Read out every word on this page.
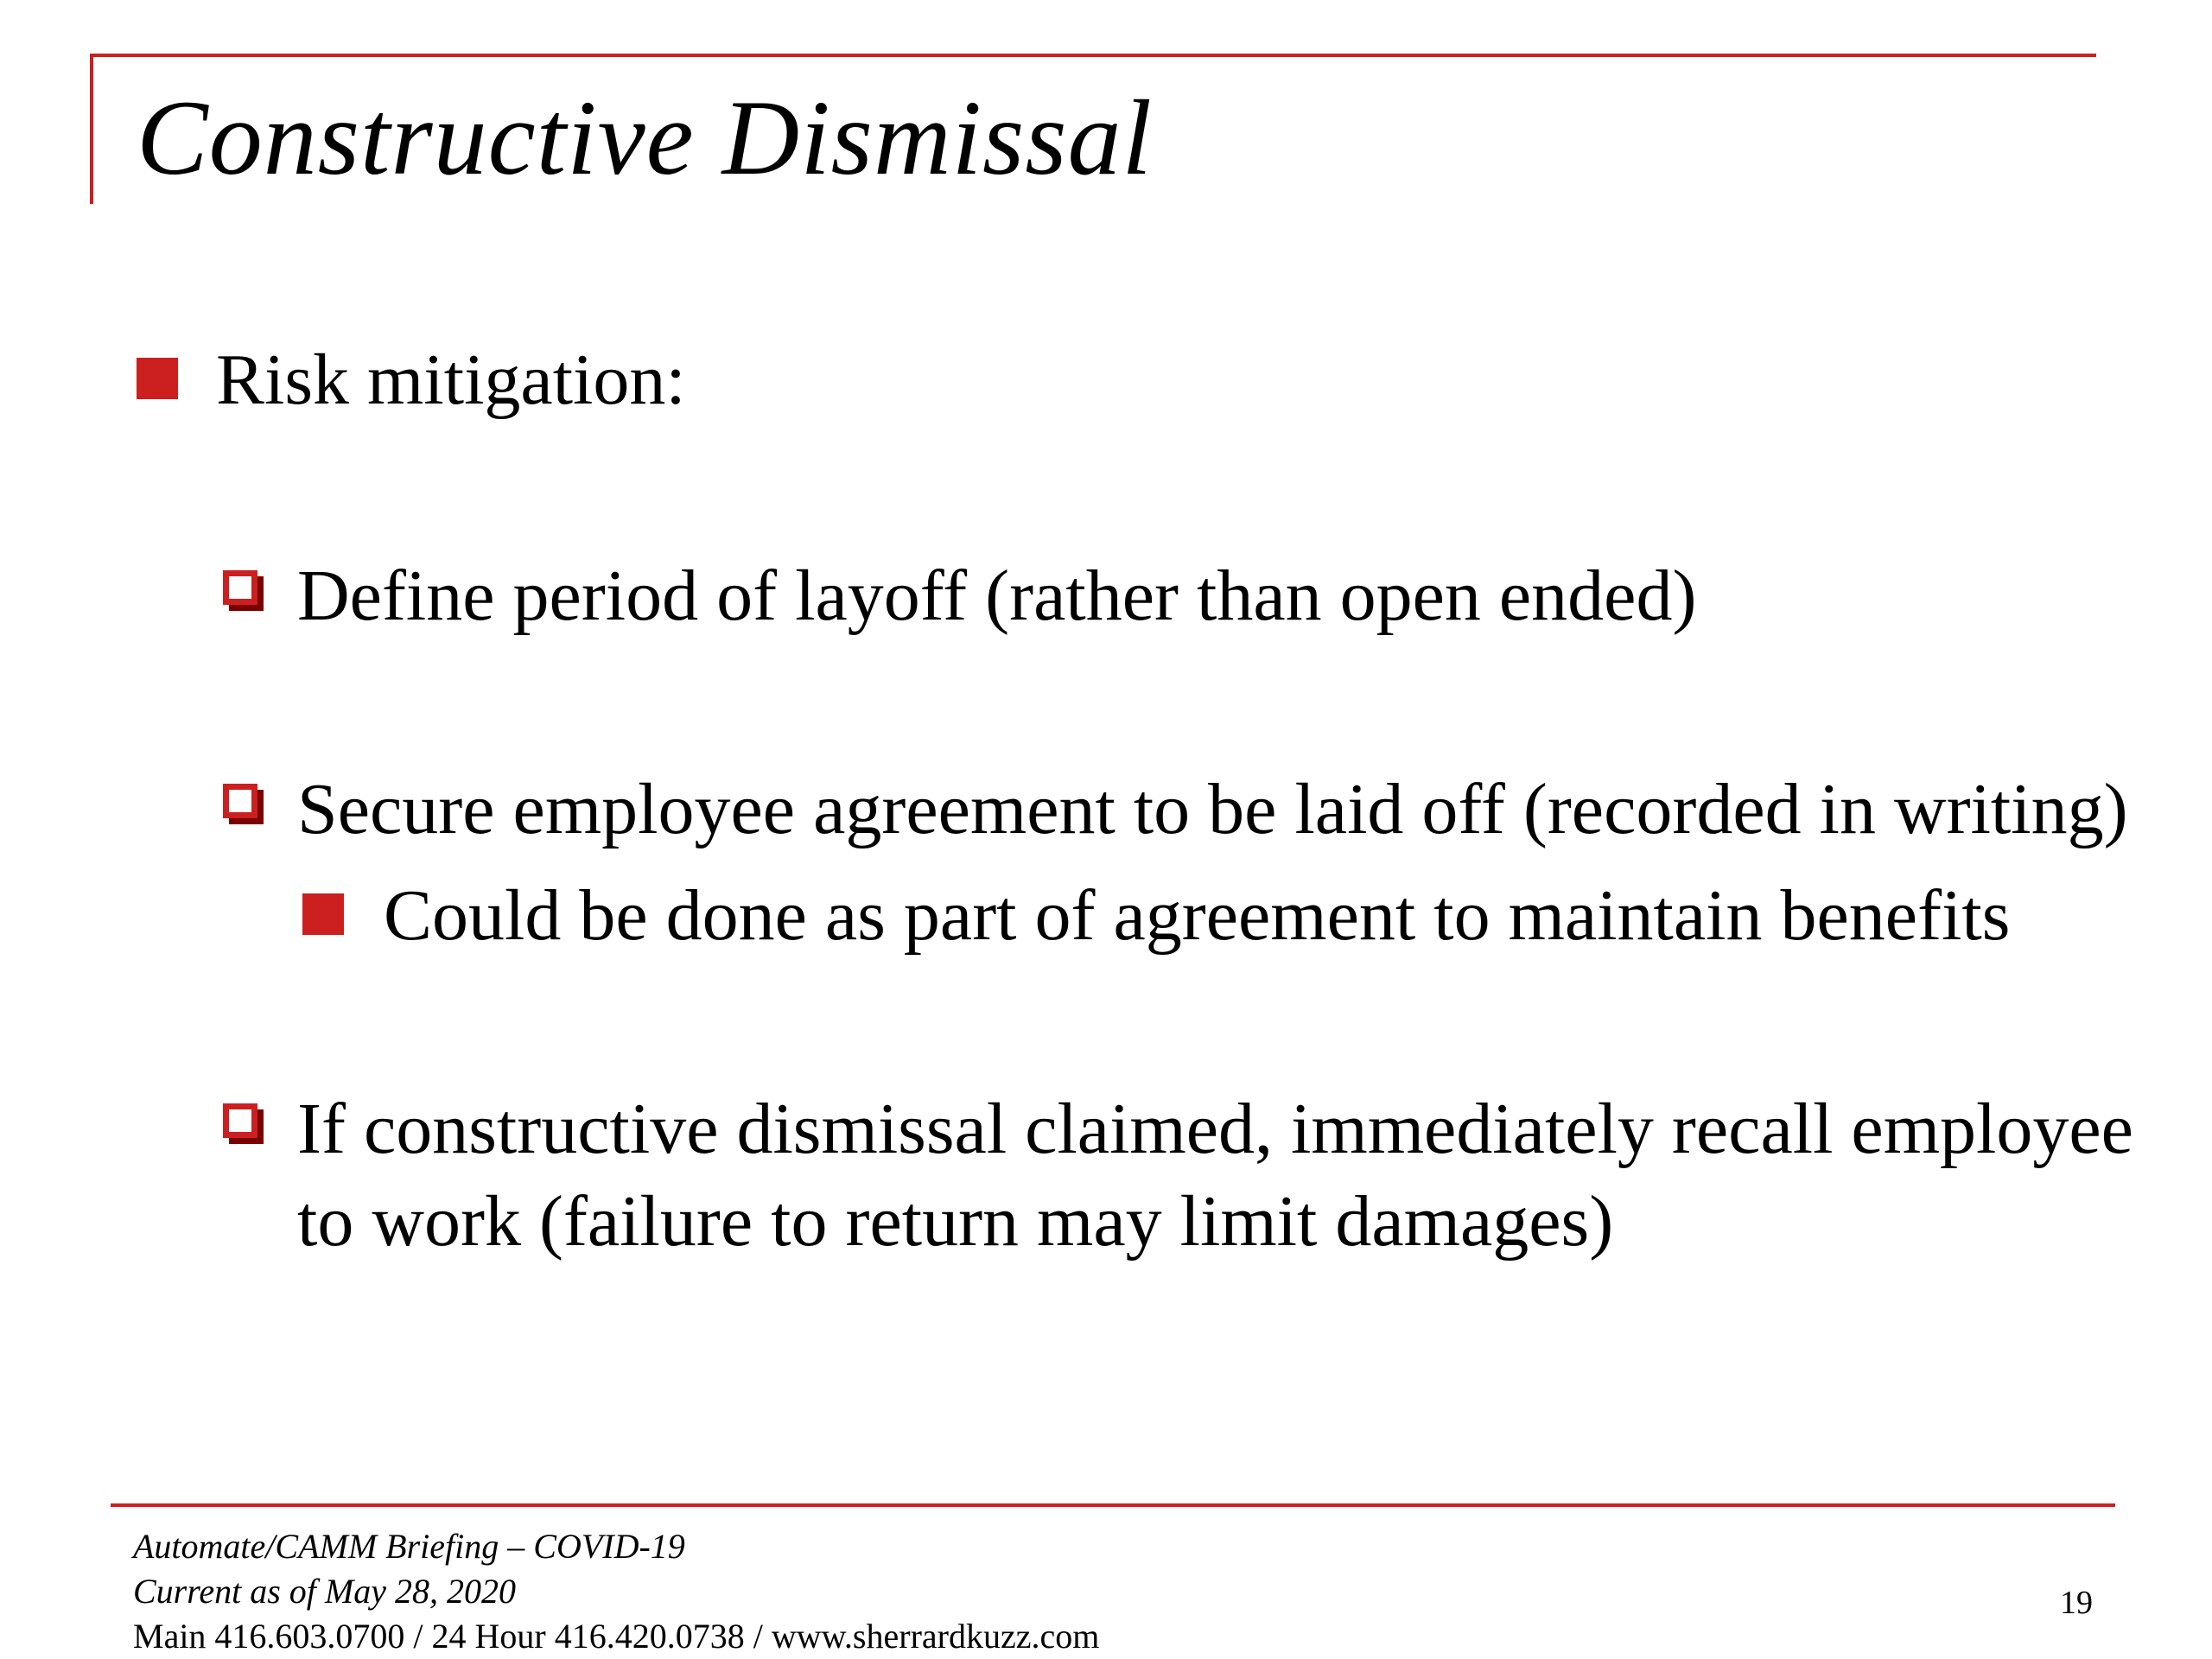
Constructive Dismissal
Risk mitigation:
Define period of layoff (rather than open ended)
Secure employee agreement to be laid off (recorded in writing)
Could be done as part of agreement to maintain benefits
If constructive dismissal claimed, immediately recall employee
to work (failure to return may limit damages)
Automate/CAMM Briefing – COVID-19
Current as of May 28, 2020
Main 416.603.0700 / 24 Hour 416.420.0738 / www.sherrardkuzz.com
19
